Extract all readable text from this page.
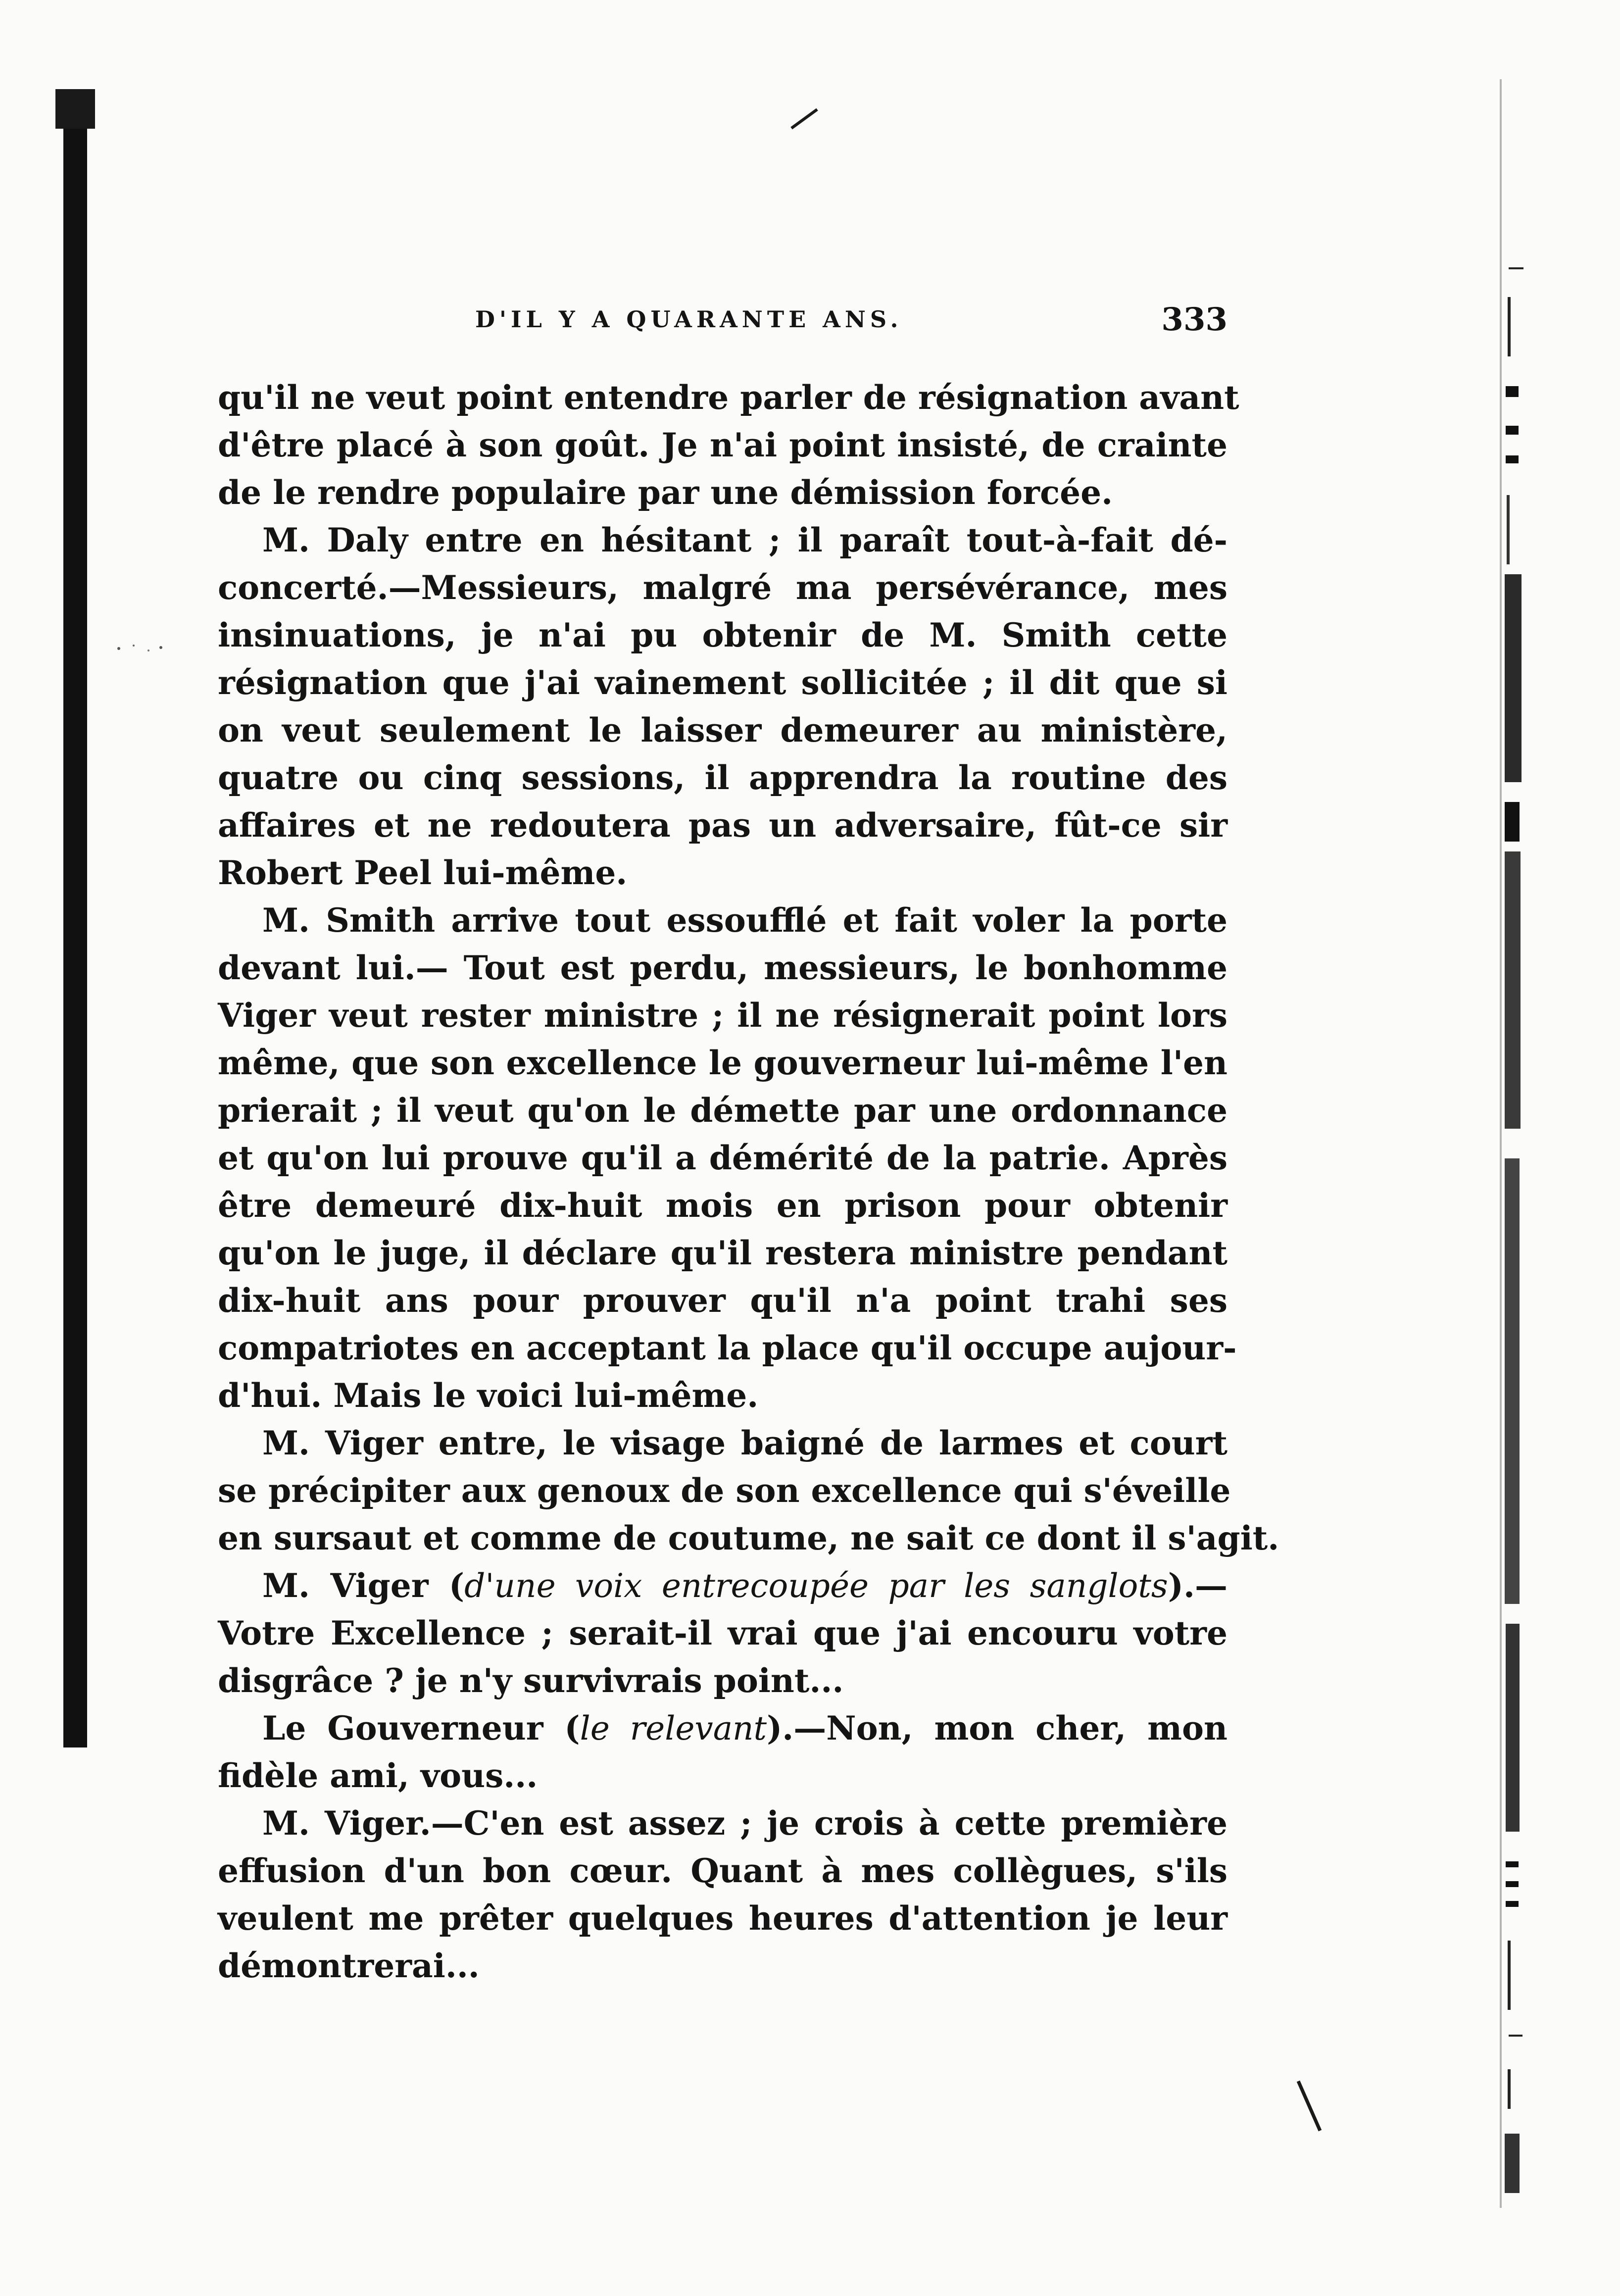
D'IL Y A QUARANTE ANS.	333
qu'il ne veut point entendre parler de résignation avant
d'être placé à son goût. Je n'ai point insisté, de crainte
de le rendre populaire par une démission forcée.
M. Daly entre en hésitant ; il paraît tout-à-fait dé-
concerté.—Messieurs, malgré ma persévérance, mes
insinuations, je n'ai pu obtenir de M. Smith cette
résignation que j'ai vainement sollicitée ; il dit que si
on veut seulement le laisser demeurer au ministère,
quatre ou cinq sessions, il apprendra la routine des
affaires et ne redoutera pas un adversaire, fût-ce sir
Robert Peel lui-même.
M. Smith arrive tout essoufflé et fait voler la porte
devant lui.— Tout est perdu, messieurs, le bonhomme
Viger veut rester ministre ; il ne résignerait point lors
même, que son excellence le gouverneur lui-même l'en
prierait ; il veut qu'on le démette par une ordonnance
et qu'on lui prouve qu'il a démérité de la patrie. Après
être demeuré dix-huit mois en prison pour obtenir
qu'on le juge, il déclare qu'il restera ministre pendant
dix-huit ans pour prouver qu'il n'a point trahi ses
compatriotes en acceptant la place qu'il occupe aujour-
d'hui. Mais le voici lui-même.
M. Viger entre, le visage baigné de larmes et court
se précipiter aux genoux de son excellence qui s'éveille
en sursaut et comme de coutume, ne sait ce dont il s'agit.
M. Viger (d'une voix entrecoupée par les sanglots).—
Votre Excellence ; serait-il vrai que j'ai encouru votre
disgrâce ? je n'y survivrais point...
Le Gouverneur (le relevant).—Non, mon cher, mon
fidèle ami, vous...
M. Viger.—C'en est assez ; je crois à cette première
effusion d'un bon cœur. Quant à mes collègues, s'ils
veulent me prêter quelques heures d'attention je leur
démontrerai...
